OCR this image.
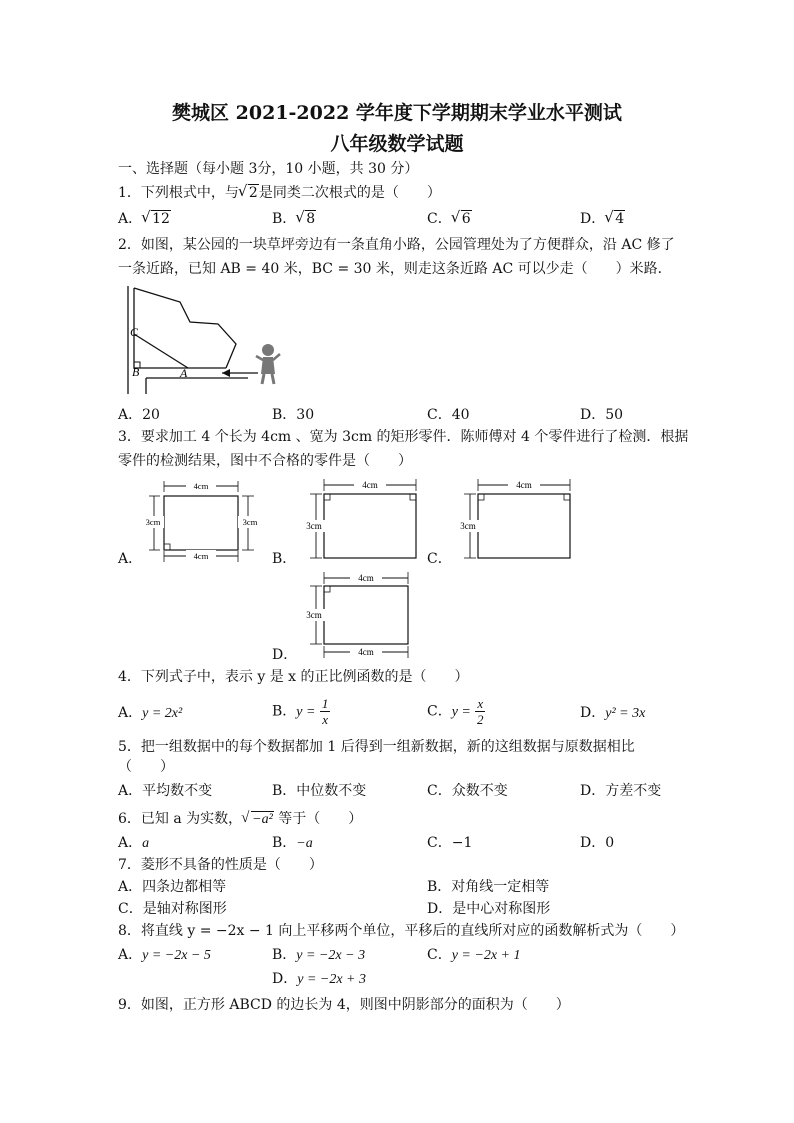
樊城区 2021-2022 学年度下学期期末学业水平测试
八年级数学试题
一、选择题（每小题 3分，10 小题，共 30 分）
1．下列根式中，与 √ 2是同类二次根式的是（　　）
A． √ 12	B． √ 8	C． √ 6	D． √ 4
2．如图，某公园的一块草坪旁边有一条直角小路，公园管理处为了方便群众，沿 AC 修了
一条近路，已知 AB = 40 米，BC = 30 米，则走这条近路 AC 可以少走（　　）米路．
C
B	A
A．20	B．30	C．40	D．50
3．要求加工 4 个长为 4cm 、宽为 3cm 的矩形零件．陈师傅对 4 个零件进行了检测．根据
零件的检测结果，图中不合格的零件是（　　）
4cm
4cm
3cm	3cm
A．
4cm
3cm
B．
4cm
3cm
C．
4cm
4cm
3cm
D．
4．下列式子中，表示 y 是 x 的正比例函数的是（　　）
A．y = 2x²	B．$y = \frac{1}{x}$	C．$y = \frac{x}{2}$	D．y² = 3x
5．把一组数据中的每个数据都加 1 后得到一组新数据，新的这组数据与原数据相比
（　　）
A．平均数不变	B．中位数不变	C．众数不变	D．方差不变
6．已知 a 为实数， √ −a² 等于（　　）
A．a	B．−a	C．−1	D．0
7．菱形不具备的性质是（　　）
A．四条边都相等	B．对角线一定相等
C．是轴对称图形	D．是中心对称图形
8．将直线 y = −2x − 1 向上平移两个单位，平移后的直线所对应的函数解析式为（　　）
A．y = −2x − 5	B．y = −2x − 3	C．y = −2x + 1
D．y = −2x + 3
9．如图，正方形 ABCD 的边长为 4，则图中阴影部分的面积为（　　）
